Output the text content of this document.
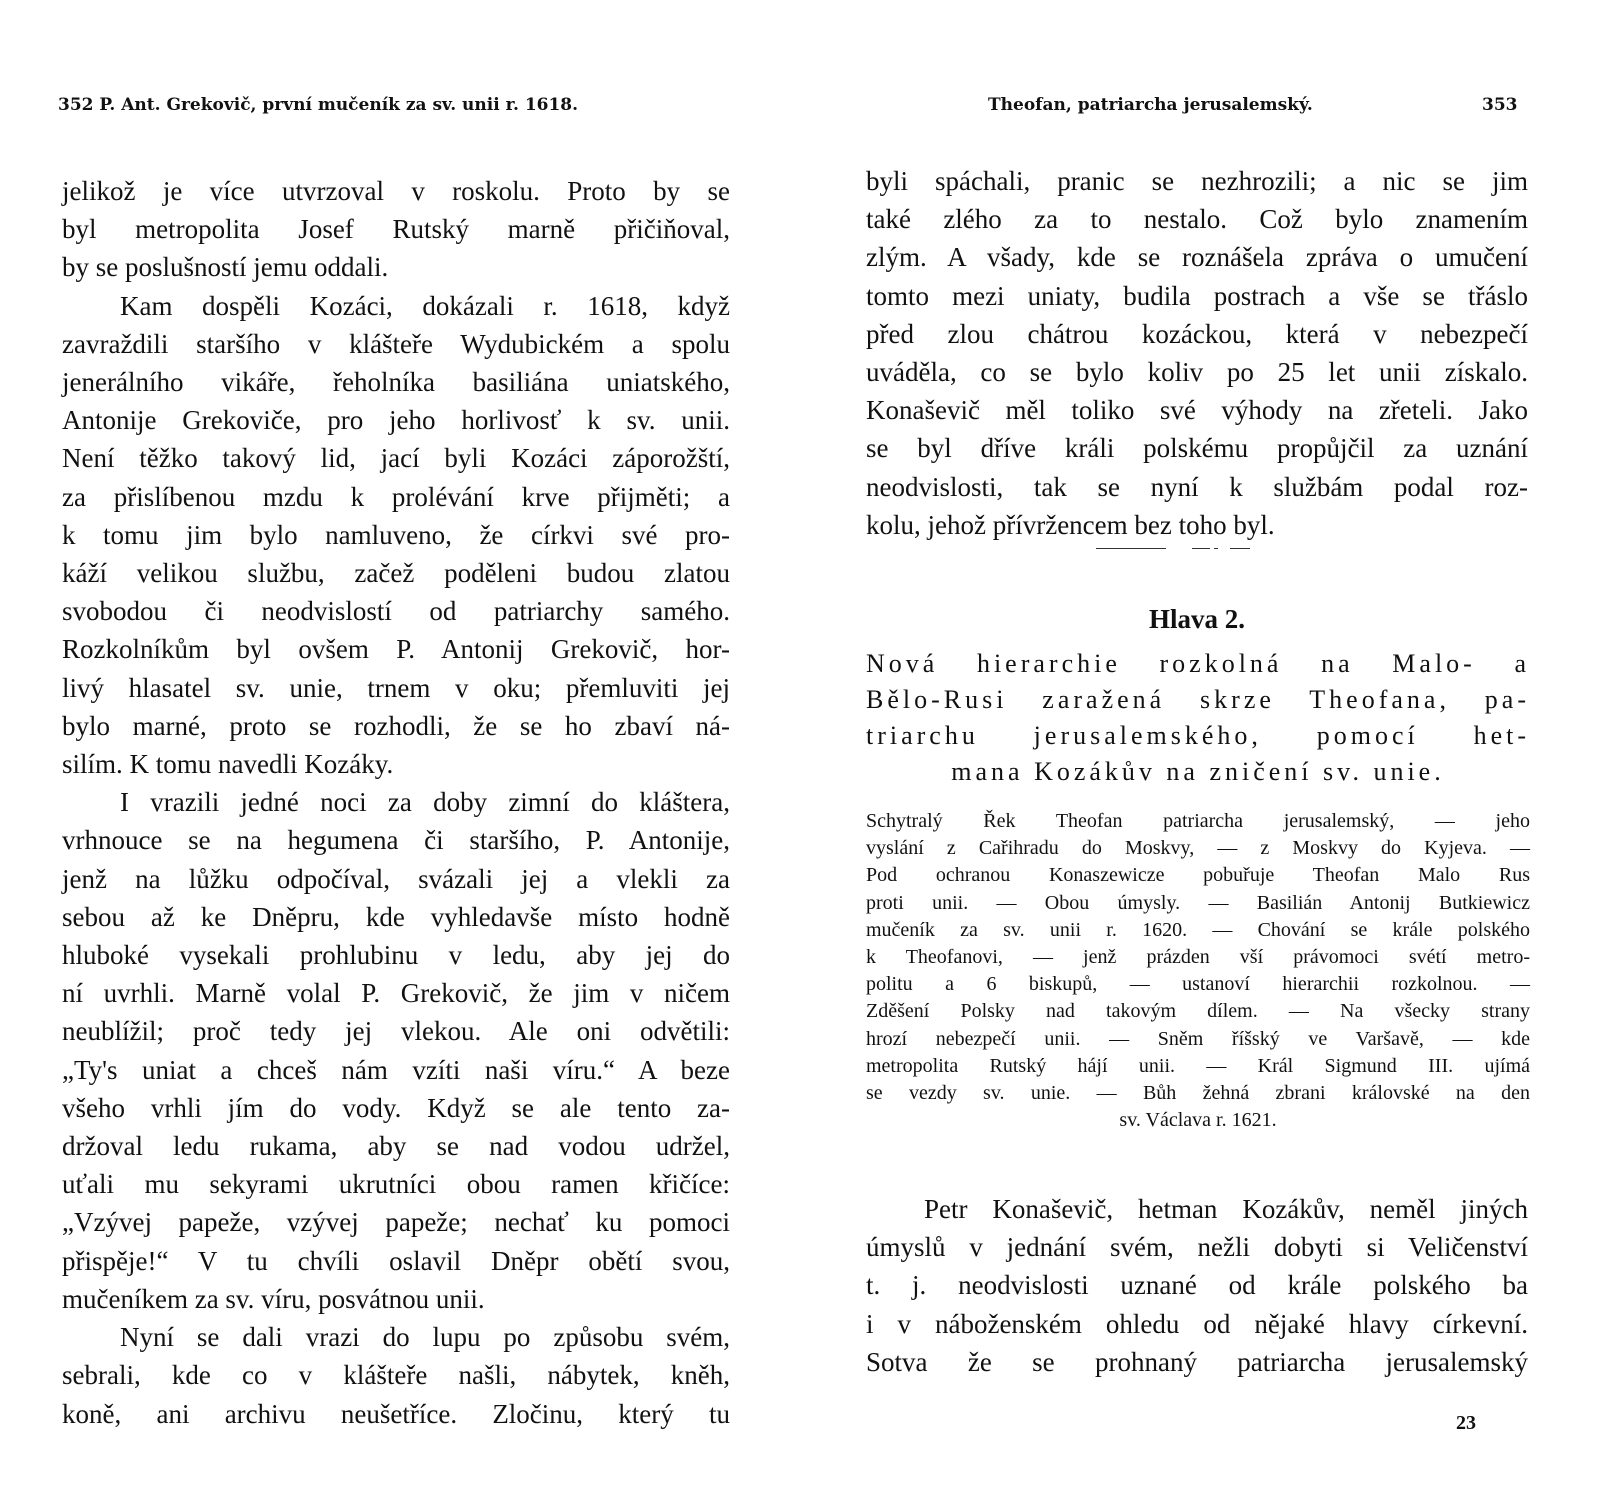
352 P. Ant. Grekovič, první mučeník za sv. unii r. 1618.
jelikož je více utvrzoval v roskolu. Proto by se
byl metropolita Josef Rutský marně přičiňoval,
by se poslušností jemu oddali.
Kam dospěli Kozáci, dokázali r. 1618, když
zavraždili staršího v klášteře Wydubickém a spolu
jenerálního vikáře, řeholníka basiliána uniatského,
Antonije Grekoviče, pro jeho horlivosť k sv. unii.
Není těžko takový lid, jací byli Kozáci záporožští,
za přislíbenou mzdu k prolévání krve přijměti; a
k tomu jim bylo namluveno, že církvi své pro-
káží velikou službu, začež poděleni budou zlatou
svobodou či neodvislostí od patriarchy samého.
Rozkolníkům byl ovšem P. Antonij Grekovič, hor-
livý hlasatel sv. unie, trnem v oku; přemluviti jej
bylo marné, proto se rozhodli, že se ho zbaví ná-
silím. K tomu navedli Kozáky.
I vrazili jedné noci za doby zimní do kláštera,
vrhnouce se na hegumena či staršího, P. Antonije,
jenž na lůžku odpočíval, svázali jej a vlekli za
sebou až ke Dněpru, kde vyhledavše místo hodně
hluboké vysekali prohlubinu v ledu, aby jej do
ní uvrhli. Marně volal P. Grekovič, že jim v ničem
neublížil; proč tedy jej vlekou. Ale oni odvětili:
„Ty's uniat a chceš nám vzíti naši víru.“ A beze
všeho vrhli jím do vody. Když se ale tento za-
držoval ledu rukama, aby se nad vodou udržel,
uťali mu sekyrami ukrutníci obou ramen křičíce:
„Vzývej papeže, vzývej papeže; nechať ku pomoci
přispěje!“ V tu chvíli oslavil Dněpr obětí svou,
mučeníkem za sv. víru, posvátnou unii.
Nyní se dali vrazi do lupu po způsobu svém,
sebrali, kde co v klášteře našli, nábytek, kněh,
koně, ani archivu neušetříce. Zločinu, který tu
Theofan, patriarcha jerusalemský.	353
byli spáchali, pranic se nezhrozili; a nic se jim
také zlého za to nestalo. Což bylo znamením
zlým. A všady, kde se roznášela zpráva o umučení
tomto mezi uniaty, budila postrach a vše se třáslo
před zlou chátrou kozáckou, která v nebezpečí
uváděla, co se bylo koliv po 25 let unii získalo.
Konaševič měl toliko své výhody na zřeteli. Jako
se byl dříve králi polskému propůjčil za uznání
neodvislosti, tak se nyní k službám podal roz-
kolu, jehož přívržencem bez toho byl.
Hlava 2.
Nová hierarchie rozkolná na Malo- a
Bělo-Rusi zaražená skrze Theofana, pa-
triarchu jerusalemského, pomocí het-
mana Kozákův na zničení sv. unie.
Schytralý Řek Theofan patriarcha jerusalemský, — jeho
vyslání z Cařihradu do Moskvy, — z Moskvy do Kyjeva. —
Pod ochranou Konaszewicze pobuřuje Theofan Malo Rus
proti unii. — Obou úmysly. — Basilián Antonij Butkiewicz
mučeník za sv. unii r. 1620. — Chování se krále polského
k Theofanovi, — jenž prázden vší právomoci svétí metro-
politu a 6 biskupů, — ustanoví hierarchii rozkolnou. —
Zděšení Polsky nad takovým dílem. — Na všecky strany
hrozí nebezpečí unii. — Sněm říšský ve Varšavě, — kde
metropolita Rutský hájí unii. — Král Sigmund III. ujímá
se vezdy sv. unie. — Bůh žehná zbrani královské na den
sv. Václava r. 1621.
Petr Konaševič, hetman Kozákův, neměl jiných
úmyslů v jednání svém, nežli dobyti si Veličenství
t. j. neodvislosti uznané od krále polského ba
i v náboženském ohledu od nějaké hlavy církevní.
Sotva že se prohnaný patriarcha jerusalemský
23
